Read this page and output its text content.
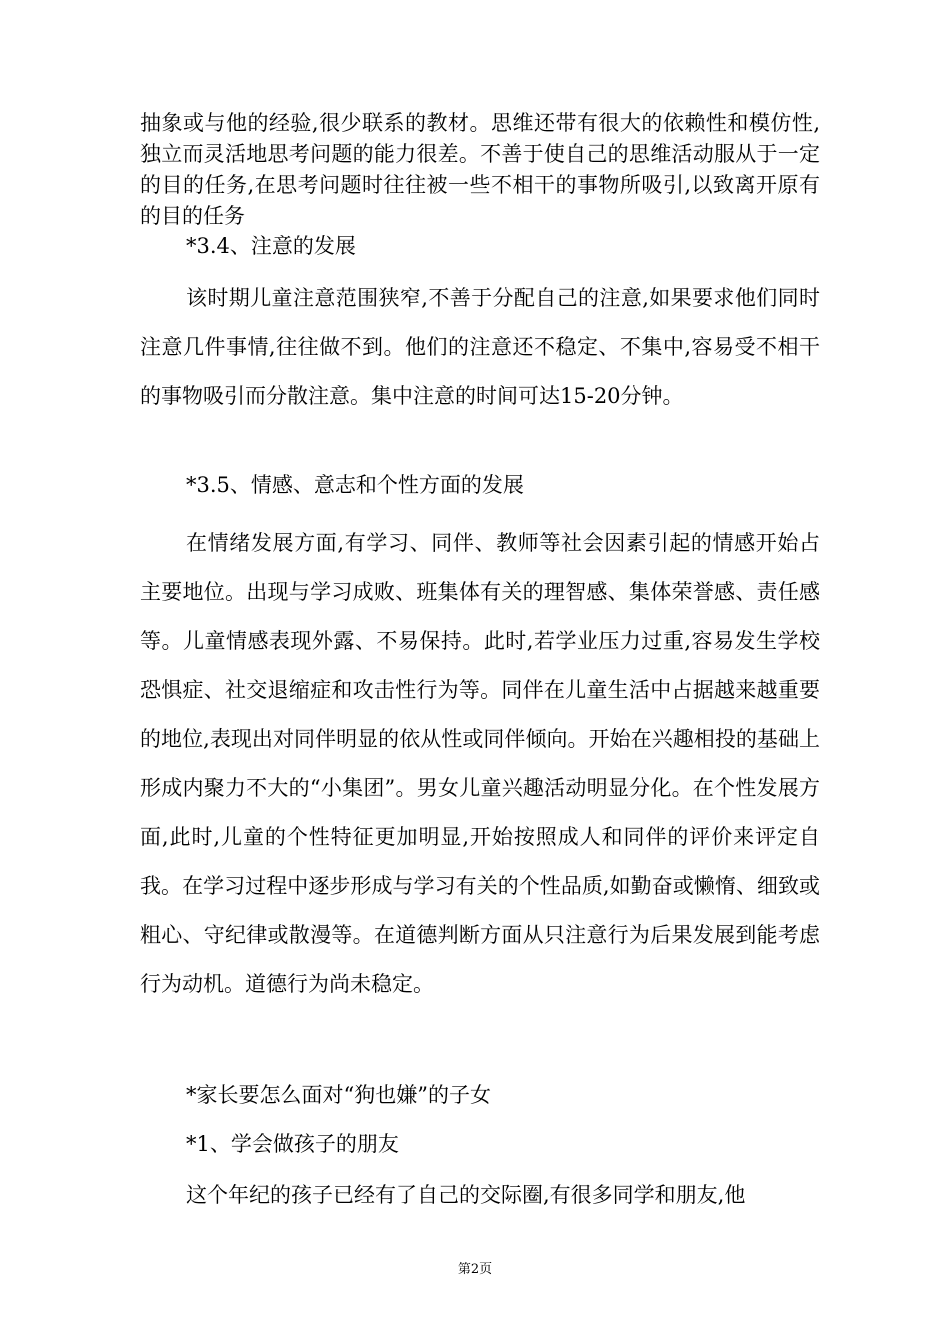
抽象或与他的经验,很少联系的教材。思维还带有很大的依赖性和模仿性,独立而灵活地思考问题的能力很差。不善于使自己的思维活动服从于一定的目的任务,在思考问题时往往被一些不相干的事物所吸引,以致离开原有的目的任务

*3.4、注意的发展

该时期儿童注意范围狭窄,不善于分配自己的注意,如果要求他们同时注意几件事情,往往做不到。他们的注意还不稳定、不集中,容易受不相干的事物吸引而分散注意。集中注意的时间可达15-20分钟。

*3.5、情感、意志和个性方面的发展

在情绪发展方面,有学习、同伴、教师等社会因素引起的情感开始占主要地位。出现与学习成败、班集体有关的理智感、集体荣誉感、责任感等。儿童情感表现外露、不易保持。此时,若学业压力过重,容易发生学校恐惧症、社交退缩症和攻击性行为等。同伴在儿童生活中占据越来越重要的地位,表现出对同伴明显的依从性或同伴倾向。开始在兴趣相投的基础上形成内聚力不大的“小集团”。男女儿童兴趣活动明显分化。在个性发展方面,此时,儿童的个性特征更加明显,开始按照成人和同伴的评价来评定自我。在学习过程中逐步形成与学习有关的个性品质,如勤奋或懒惰、细致或粗心、守纪律或散漫等。在道德判断方面从只注意行为后果发展到能考虑行为动机。道德行为尚未稳定。

*家长要怎么面对“狗也嫌”的子女

*1、学会做孩子的朋友

这个年纪的孩子已经有了自己的交际圈,有很多同学和朋友,他

第2页
